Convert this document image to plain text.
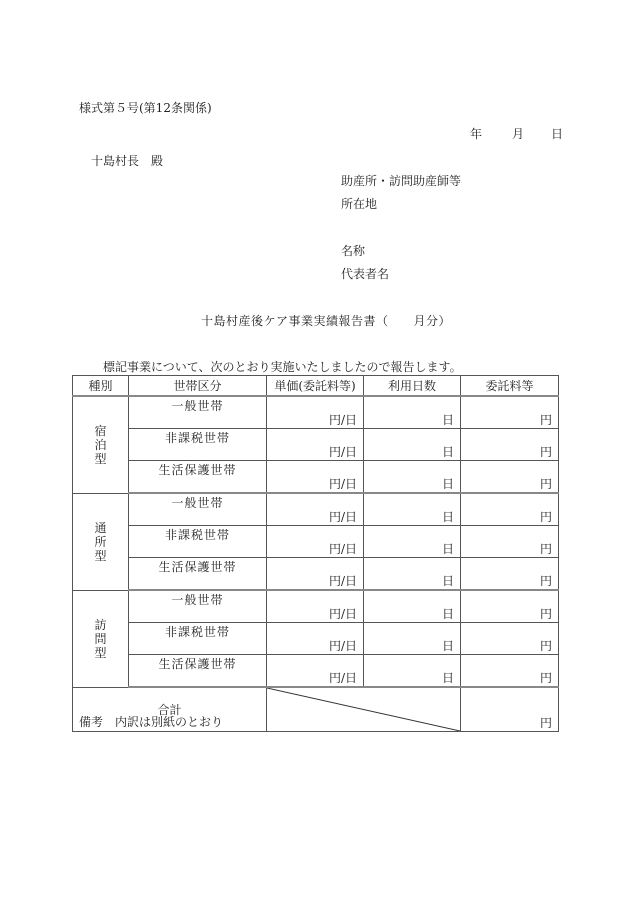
様式第５号(第12条関係)
年	月 日
十島村長　殿
助産所・訪問助産師等
所在地
名称
代表者名
十島村産後ケア事業実績報告書（　　月分）
標記事業について、次のとおり実施いたしましたので報告します。
種別	世帯区分	単価(委託料等)	利用日数	委託料等
宿泊型	一般世帯	円/日	日	円
	非課税世帯	円/日	日	円
	生活保護世帯	円/日	日	円
通所型	一般世帯	円/日	日	円
	非課税世帯	円/日	日	円
	生活保護世帯	円/日	日	円
訪問型	一般世帯	円/日	日	円
	非課税世帯	円/日	日	円
	生活保護世帯	円/日	日	円
合計				円
備考　内訳は別紙のとおり
